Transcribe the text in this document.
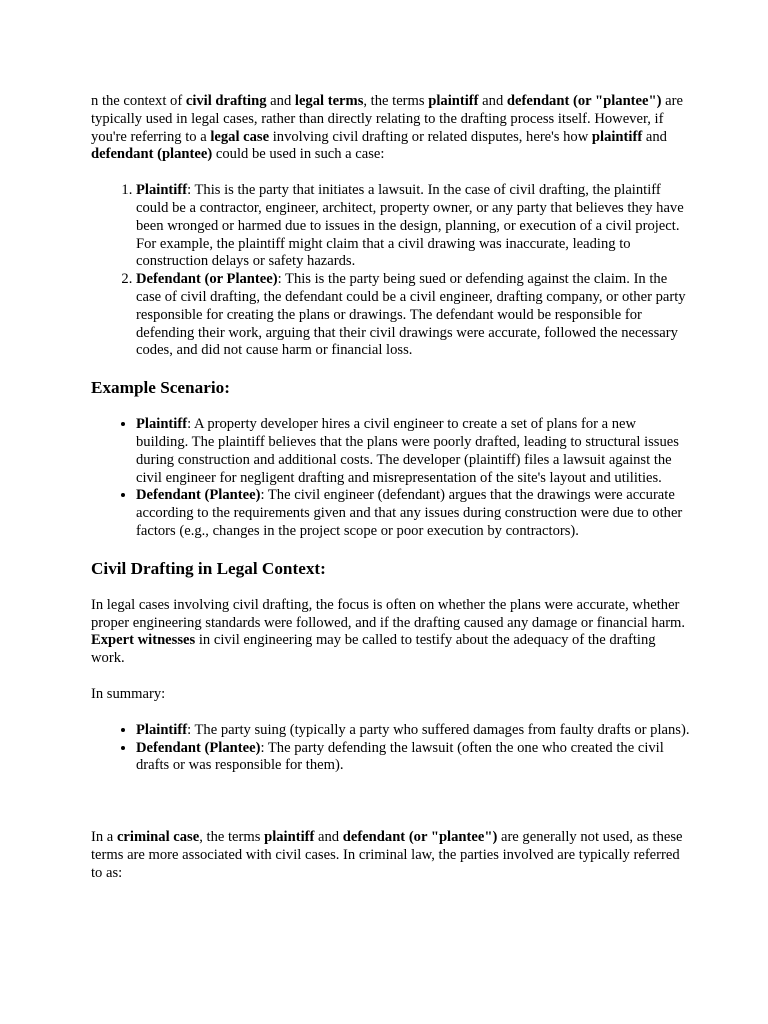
n the context of civil drafting and legal terms, the terms plaintiff and defendant (or "plantee") are typically used in legal cases, rather than directly relating to the drafting process itself. However, if you're referring to a legal case involving civil drafting or related disputes, here's how plaintiff and defendant (plantee) could be used in such a case:

1. Plaintiff: This is the party that initiates a lawsuit. In the case of civil drafting, the plaintiff could be a contractor, engineer, architect, property owner, or any party that believes they have been wronged or harmed due to issues in the design, planning, or execution of a civil project. For example, the plaintiff might claim that a civil drawing was inaccurate, leading to construction delays or safety hazards.
2. Defendant (or Plantee): This is the party being sued or defending against the claim. In the case of civil drafting, the defendant could be a civil engineer, drafting company, or other party responsible for creating the plans or drawings. The defendant would be responsible for defending their work, arguing that their civil drawings were accurate, followed the necessary codes, and did not cause harm or financial loss.
Example Scenario:
• Plaintiff: A property developer hires a civil engineer to create a set of plans for a new building. The plaintiff believes that the plans were poorly drafted, leading to structural issues during construction and additional costs. The developer (plaintiff) files a lawsuit against the civil engineer for negligent drafting and misrepresentation of the site's layout and utilities.
• Defendant (Plantee): The civil engineer (defendant) argues that the drawings were accurate according to the requirements given and that any issues during construction were due to other factors (e.g., changes in the project scope or poor execution by contractors).
Civil Drafting in Legal Context:

In legal cases involving civil drafting, the focus is often on whether the plans were accurate, whether proper engineering standards were followed, and if the drafting caused any damage or financial harm. Expert witnesses in civil engineering may be called to testify about the adequacy of the drafting work.

In summary:

• Plaintiff: The party suing (typically a party who suffered damages from faulty drafts or plans).
• Defendant (Plantee): The party defending the lawsuit (often the one who created the civil drafts or was responsible for them).

In a criminal case, the terms plaintiff and defendant (or "plantee") are generally not used, as these terms are more associated with civil cases. In criminal law, the parties involved are typically referred to as:
